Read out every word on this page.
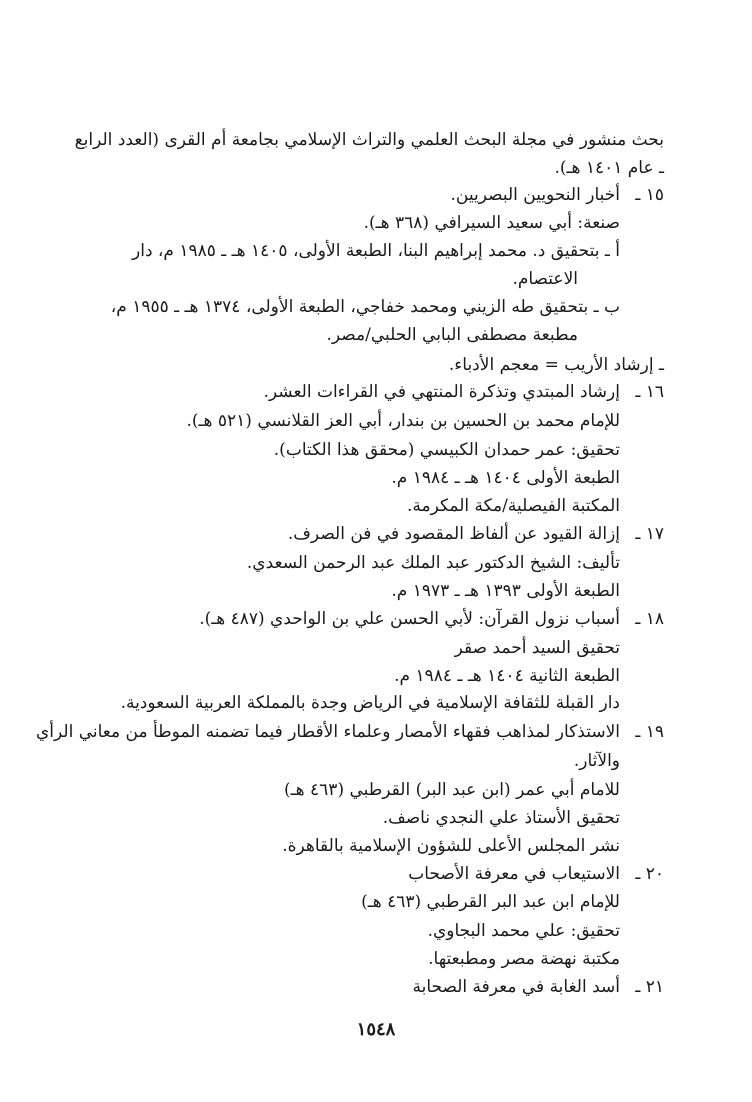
بحث منشور في مجلة البحث العلمي والتراث الإسلامي بجامعة أم القرى (العدد الرابع
ـ عام ١٤٠١ هـ).
١٥ ـ
أخبار النحويين البصريين.
صنعة: أبي سعيد السيرافي (٣٦٨ هـ).
أ ـ بتحقيق د. محمد إبراهيم البنا، الطبعة الأولى، ١٤٠٥ هـ ـ ١٩٨٥ م، دار
الاعتصام.
ب ـ بتحقيق طه الزيني ومحمد خفاجي، الطبعة الأولى، ١٣٧٤ هـ ـ ١٩٥٥ م،
مطبعة مصطفى البابي الحلبي/مصر.
ـ إرشاد الأريب = معجم الأدباء.
١٦ ـ
إرشاد المبتدي وتذكرة المنتهي في القراءات العشر.
للإمام محمد بن الحسين بن بندار، أبي العز القلانسي (٥٢١ هـ).
تحقيق: عمر حمدان الكبيسي (محقق هذا الكتاب).
الطبعة الأولى ١٤٠٤ هـ ـ ١٩٨٤ م.
المكتبة الفيصلية/مكة المكرمة.
١٧ ـ
إزالة القيود عن ألفاظ المقصود في فن الصرف.
تأليف: الشيخ الدكتور عبد الملك عبد الرحمن السعدي.
الطبعة الأولى ١٣٩٣ هـ ـ ١٩٧٣ م.
١٨ ـ
أسباب نزول القرآن: لأبي الحسن علي بن الواحدي (٤٨٧ هـ).
تحقيق السيد أحمد صقر
الطبعة الثانية ١٤٠٤ هـ ـ ١٩٨٤ م.
دار القبلة للثقافة الإسلامية في الرياض وجدة بالمملكة العربية السعودية.
١٩ ـ
الاستذكار لمذاهب فقهاء الأمصار وعلماء الأقطار فيما تضمنه الموطأ من معاني الرأي
والآثار.
للامام أبي عمر (ابن عبد البر) القرطبي (٤٦٣ هـ)
تحقيق الأستاذ علي النجدي ناصف.
نشر المجلس الأعلى للشؤون الإسلامية بالقاهرة.
٢٠ ـ
الاستيعاب في معرفة الأصحاب
للإمام ابن عبد البر القرطبي (٤٦٣ هـ)
تحقيق: علي محمد البجاوي.
مكتبة نهضة مصر ومطبعتها.
٢١ ـ
أسد الغابة في معرفة الصحابة
١٥٤٨
